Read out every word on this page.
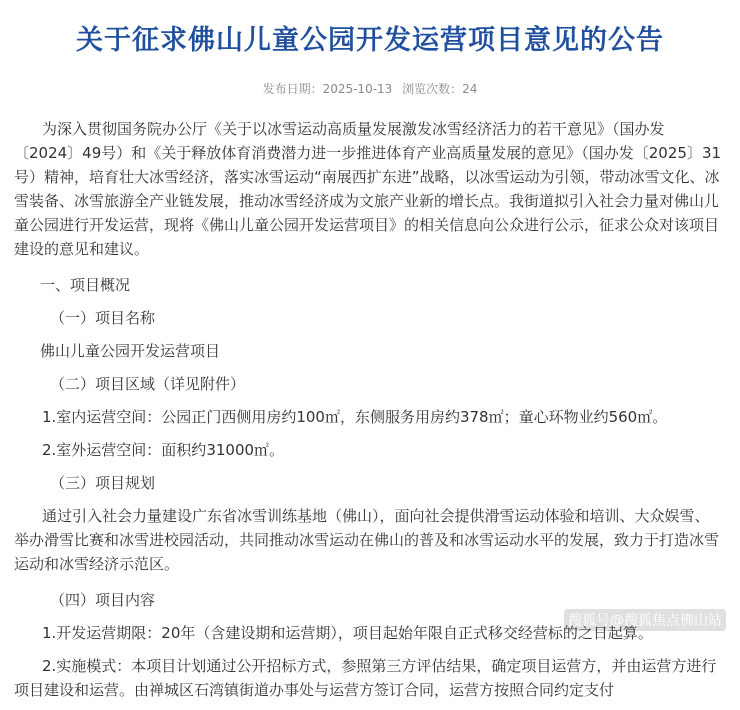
关于征求佛山儿童公园开发运营项目意见的公告
发布日期：2025-10-13 浏览次数：24

为深入贯彻国务院办公厅《关于以冰雪运动高质量发展激发冰雪经济活力的若干意见》（国办发〔2024〕49号）和《关于释放体育消费潜力进一步推进体育产业高质量发展的意见》（国办发〔2025〕31号）精神，培育壮大冰雪经济，落实冰雪运动“南展西扩东进”战略，以冰雪运动为引领，带动冰雪文化、冰雪装备、冰雪旅游全产业链发展，推动冰雪经济成为文旅产业新的增长点。我街道拟引入社会力量对佛山儿童公园进行开发运营，现将《佛山儿童公园开发运营项目》的相关信息向公众进行公示，征求公众对该项目建设的意见和建议。

一、项目概况
（一）项目名称
佛山儿童公园开发运营项目
（二）项目区域（详见附件）
1.室内运营空间：公园正门西侧用房约100㎡，东侧服务用房约378㎡；童心环物业约560㎡。
2.室外运营空间：面积约31000㎡。
（三）项目规划

通过引入社会力量建设广东省冰雪训练基地（佛山），面向社会提供滑雪运动体验和培训、大众娱雪、举办滑雪比赛和冰雪进校园活动，共同推动冰雪运动在佛山的普及和冰雪运动水平的发展，致力于打造冰雪运动和冰雪经济示范区。

（四）项目内容
1.开发运营期限：20年（含建设期和运营期），项目起始年限自正式移交经营标的之日起算。

2.实施模式：本项目计划通过公开招标方式，参照第三方评估结果，确定项目运营方，并由运营方进行项目建设和运营。由禅城区石湾镇街道办事处与运营方签订合同，运营方按照合同约定支付

搜狐号@搜狐焦点佛山站
